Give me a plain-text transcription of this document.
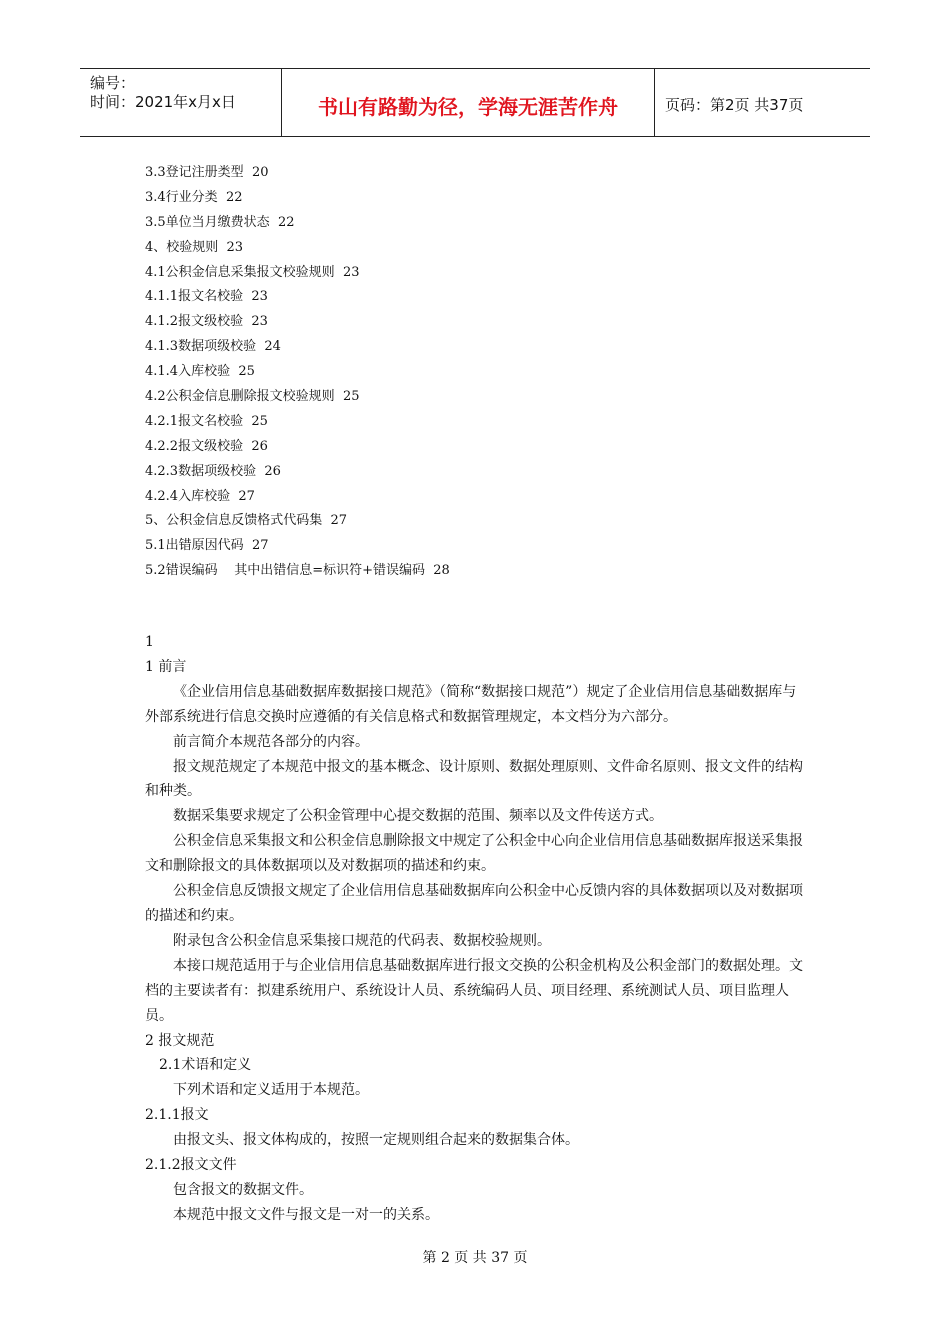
编号：
时间：2021年x月x日	书山有路勤为径，学海无涯苦作舟	页码：第2页 共37页
3.3登记注册类型  20
3.4行业分类  22
3.5单位当月缴费状态  22
4、校验规则  23
4.1公积金信息采集报文校验规则  23
4.1.1报文名校验  23
4.1.2报文级校验  23
4.1.3数据项级校验  24
4.1.4入库校验  25
4.2公积金信息删除报文校验规则  25
4.2.1报文名校验  25
4.2.2报文级校验  26
4.2.3数据项级校验  26
4.2.4入库校验  27
5、公积金信息反馈格式代码集  27
5.1出错原因代码  27
5.2错误编码    其中出错信息=标识符+错误编码  28
1
1 前言
《企业信用信息基础数据库数据接口规范》（简称“数据接口规范”）规定了企业信用信息基础数据库与外部系统进行信息交换时应遵循的有关信息格式和数据管理规定，本文档分为六部分。
前言简介本规范各部分的内容。
报文规范规定了本规范中报文的基本概念、设计原则、数据处理原则、文件命名原则、报文文件的结构和种类。
数据采集要求规定了公积金管理中心提交数据的范围、频率以及文件传送方式。
公积金信息采集报文和公积金信息删除报文中规定了公积金中心向企业信用信息基础数据库报送采集报文和删除报文的具体数据项以及对数据项的描述和约束。
公积金信息反馈报文规定了企业信用信息基础数据库向公积金中心反馈内容的具体数据项以及对数据项的描述和约束。
附录包含公积金信息采集接口规范的代码表、数据校验规则。
本接口规范适用于与企业信用信息基础数据库进行报文交换的公积金机构及公积金部门的数据处理。文档的主要读者有：拟建系统用户、系统设计人员、系统编码人员、项目经理、系统测试人员、项目监理人员。
2 报文规范
2.1术语和定义
下列术语和定义适用于本规范。
2.1.1报文
由报文头、报文体构成的，按照一定规则组合起来的数据集合体。
2.1.2报文文件
包含报文的数据文件。
本规范中报文文件与报文是一对一的关系。
第 2 页 共 37 页
